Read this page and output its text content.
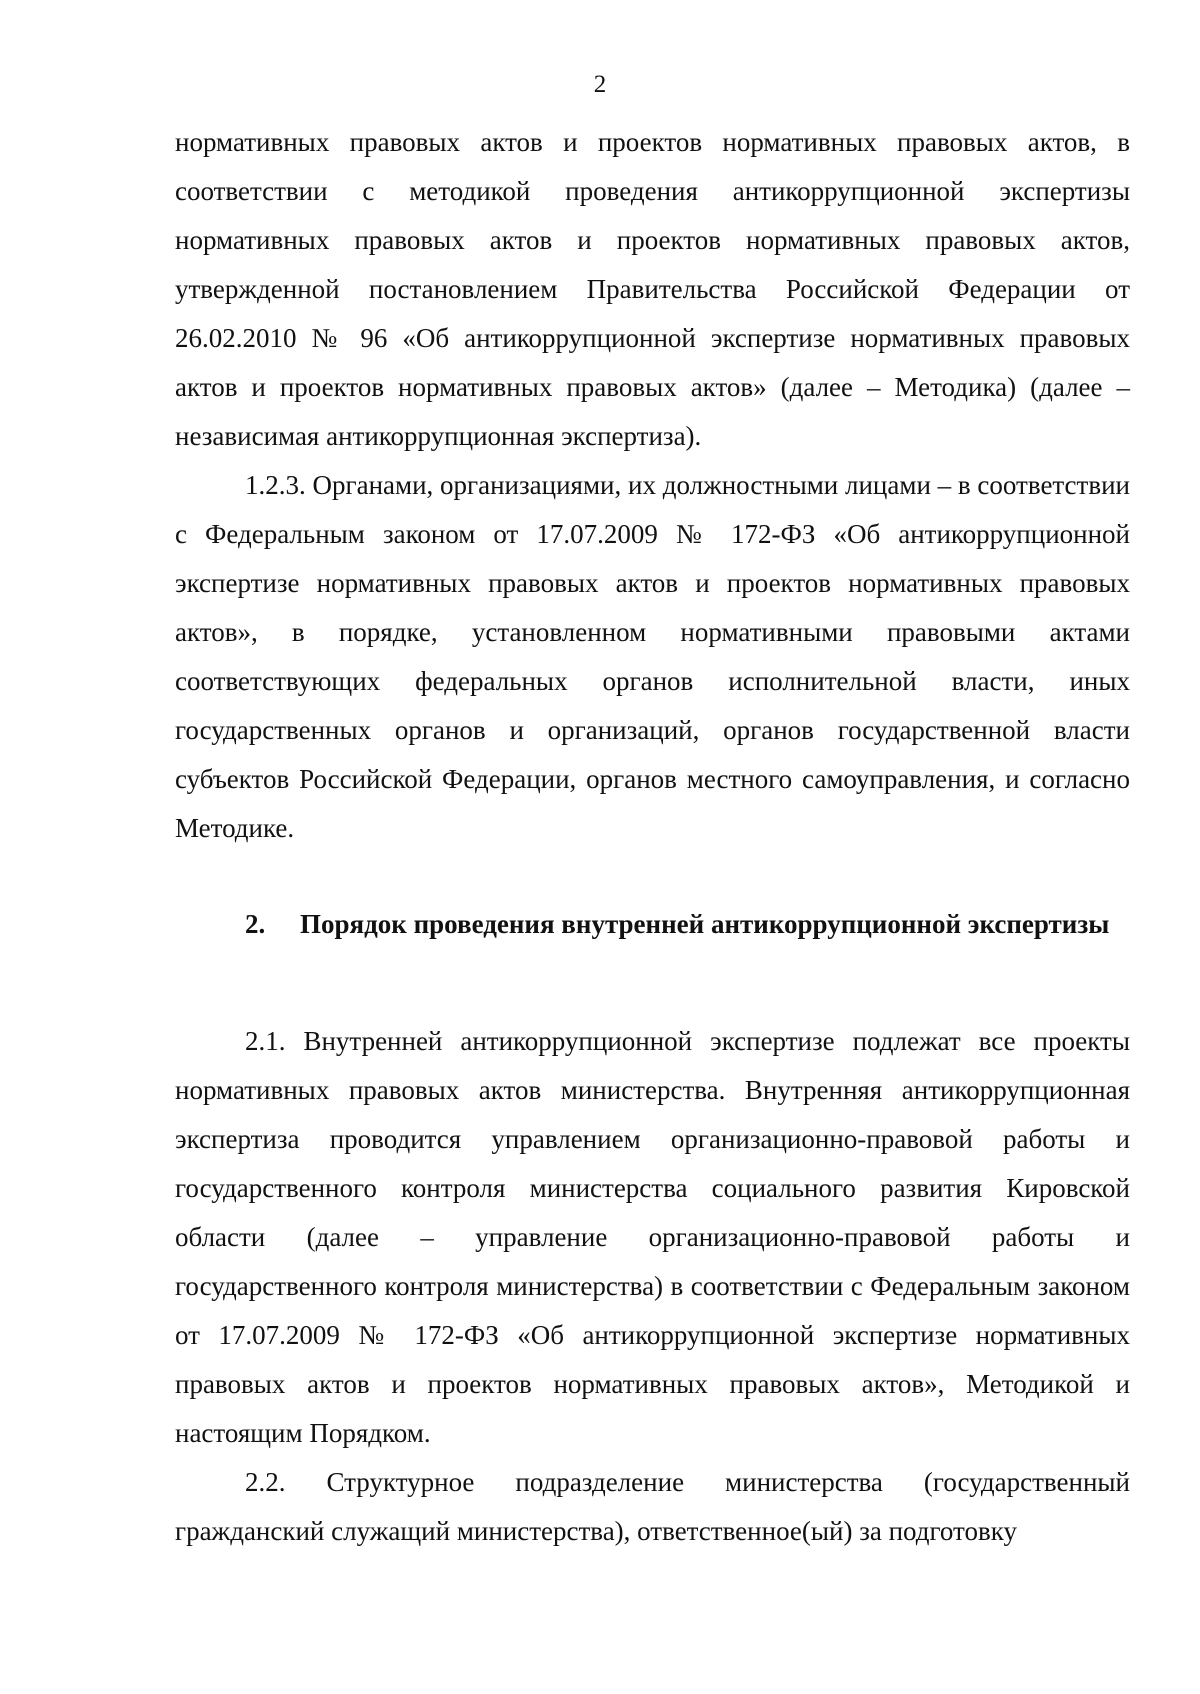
2

нормативных правовых актов и проектов нормативных правовых актов, в соответствии с методикой проведения антикоррупционной экспертизы нормативных правовых актов и проектов нормативных правовых актов, утвержденной постановлением Правительства Российской Федерации от 26.02.2010 № 96 «Об антикоррупционной экспертизе нормативных правовых актов и проектов нормативных правовых актов» (далее – Методика) (далее – независимая антикоррупционная экспертиза).

1.2.3. Органами, организациями, их должностными лицами – в соответствии с Федеральным законом от 17.07.2009 № 172-ФЗ «Об антикоррупционной экспертизе нормативных правовых актов и проектов нормативных правовых актов», в порядке, установленном нормативными правовыми актами соответствующих федеральных органов исполнительной власти, иных государственных органов и организаций, органов государственной власти субъектов Российской Федерации, органов местного самоуправления, и согласно Методике.

2.	Порядок проведения внутренней антикоррупционной экспертизы

2.1. Внутренней антикоррупционной экспертизе подлежат все проекты нормативных правовых актов министерства. Внутренняя антикоррупционная экспертиза проводится управлением организационно-правовой работы и государственного контроля министерства социального развития Кировской области (далее – управление организационно-правовой работы и государственного контроля министерства) в соответствии с Федеральным законом от 17.07.2009 № 172-ФЗ «Об антикоррупционной экспертизе нормативных правовых актов и проектов нормативных правовых актов», Методикой и настоящим Порядком.

2.2. Структурное подразделение министерства (государственный гражданский служащий министерства), ответственное(ый) за подготовку
